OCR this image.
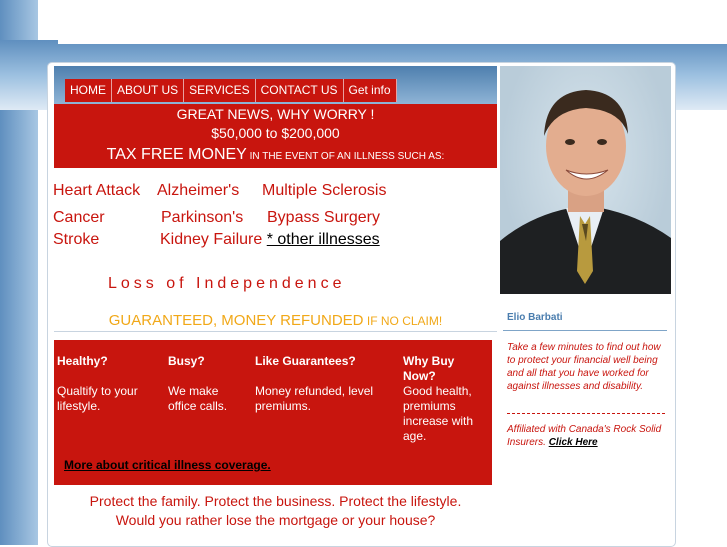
HOME ABOUT US SERVICES CONTACT US Get info
GREAT NEWS, WHY WORRY !
$50,000 to $200,000
TAX FREE MONEY IN THE EVENT OF AN ILLNESS SUCH AS:
Heart Attack Alzheimer's Multiple Sclerosis
Cancer	Parkinson's Bypass Surgery
Stroke	Kidney Failure * other illnesses
Loss of Independence
GUARANTEED, MONEY REFUNDED IF NO CLAIM!
Healthy?
Qualtify to your lifestyle.
Busy?
We make office calls.
Like Guarantees?
Money refunded, level premiums.
Why Buy Now?
Good health, premiums increase with age.
More about critical illness coverage.
Protect the family. Protect the business. Protect the lifestyle.
Would you rather lose the mortgage or your house?
Elio Barbati
Take a few minutes to find out how to protect your financial well being and all that you have worked for against illnesses and disability.
Affiliated with Canada's Rock Solid Insurers. Click Here
